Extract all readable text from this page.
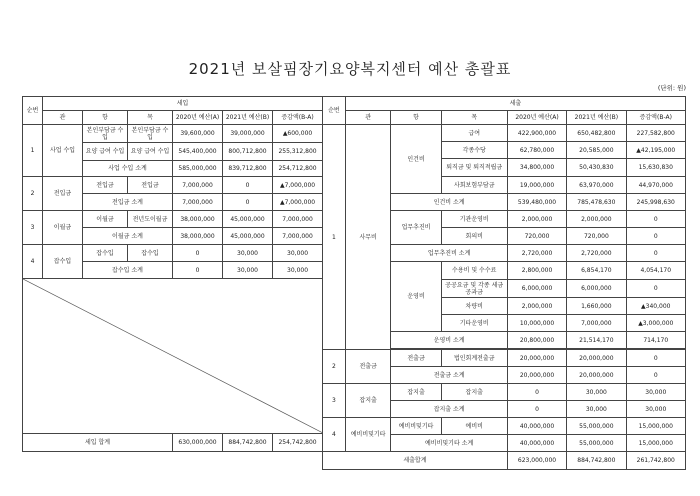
2021년 보살핌장기요양복지센터 예산 총괄표
(단위: 원)
순번	세입					
	관	항	목	2020년 예산(A)	2021년 예산(B)	증감액(B-A)
1	사업 수입	본인부담금 수입	본인부담금 수입	39,600,000	39,000,000	▲600,000
		요양 급여 수입	요양 급여 수입	545,400,000	800,712,800	255,312,800
		사업 수입 소계		585,000,000	839,712,800	254,712,800
2	전입금	전입금	전입금	7,000,000	0	▲7,000,000
		전입금 소계		7,000,000	0	▲7,000,000
3	이월금	이월금	전년도이월금	38,000,000	45,000,000	7,000,000
		이월금 소계		38,000,000	45,000,000	7,000,000
4	잡수입	잡수입	잡수입	0	30,000	30,000
		잡수입 소계		0	30,000	30,000

세입 합계				630,000,000	884,742,800	254,742,800
순번	세출					
	관	항	목	2020년 예산(A)	2021년 예산(B)	증감액(B-A)
1	사무비	인건비	급여	422,900,000	650,482,800	227,582,800
			각종수당	62,780,000	20,585,000	▲42,195,000
			퇴직금 및 퇴직적립금	34,800,000	50,430,830	15,630,830
			사회보험부담금	19,000,000	63,970,000	44,970,000
		인건비 소계		539,480,000	785,478,630	245,998,630
		업무추진비	기관운영비	2,000,000	2,000,000	0
			회의비	720,000	720,000	0
		업무추진비 소계		2,720,000	2,720,000	0
		운영비	수용비 및 수수료	2,800,000	6,854,170	4,054,170
			공공요금 및 각종 세금공과금	6,000,000	6,000,000	0
			차량비	2,000,000	1,660,000	▲340,000
			기타운영비	10,000,000	7,000,000	▲3,000,000
		운영비 소계		20,800,000	21,514,170	714,170

2	전출금	전출금	법인회계전출금	20,000,000	20,000,000	0
		전출금 소계		20,000,000	20,000,000	0
3	잡지출	잡지출	잡지출	0	30,000	30,000
		잡지출 소계		0	30,000	30,000
4	예비비및기타	예비비및기타	예비비	40,000,000	55,000,000	15,000,000
		예비비및기타 소계		40,000,000	55,000,000	15,000,000
세출합계				623,000,000	884,742,800	261,742,800
